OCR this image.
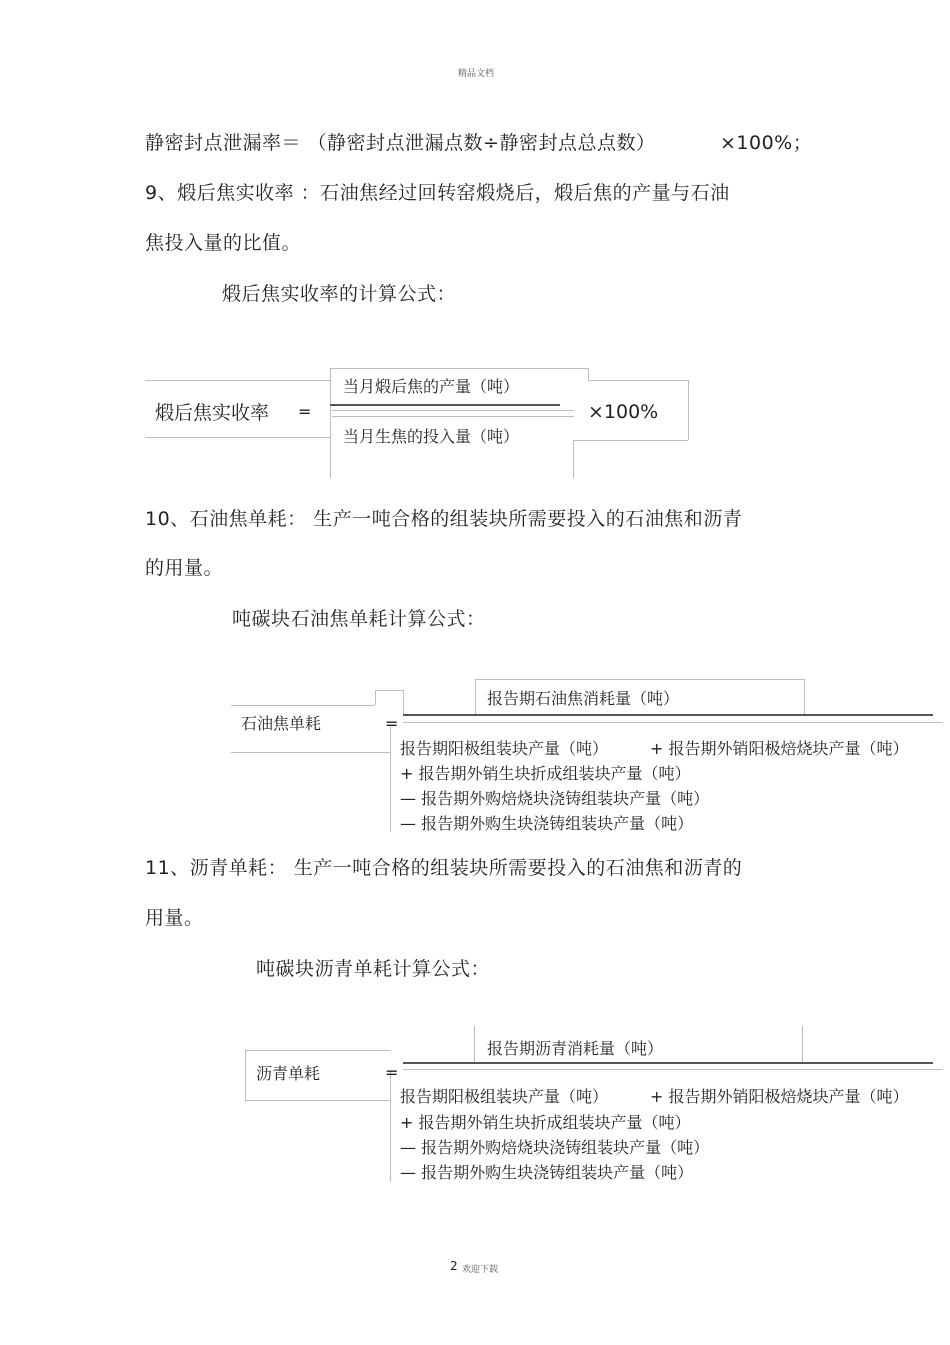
精品文档
静密封点泄漏率＝ （静密封点泄漏点数÷静密封点总点数）	×100%；
9、煅后焦实收率 ：石油焦经过回转窑煅烧后，煅后焦的产量与石油
焦投入量的比值。
煅后焦实收率的计算公式：
煅后焦实收率 =
当月煅后焦的产量（吨）
当月生焦的投入量（吨）
×100%
10、石油焦单耗： 生产一吨合格的组装块所需要投入的石油焦和沥青
的用量。
吨碳块石油焦单耗计算公式：
石油焦单耗	=
报告期石油焦消耗量（吨）
报告期阳极组装块产量（吨）	+ 报告期外销阳极焙烧块产量（吨）
+ 报告期外销生块折成组装块产量（吨）
— 报告期外购焙烧块浇铸组装块产量（吨）
— 报告期外购生块浇铸组装块产量（吨）
11、沥青单耗： 生产一吨合格的组装块所需要投入的石油焦和沥青的
用量。
吨碳块沥青单耗计算公式：
沥青单耗	=
报告期沥青消耗量（吨）
报告期阳极组装块产量（吨）	+ 报告期外销阳极焙烧块产量（吨）
+ 报告期外销生块折成组装块产量（吨）
— 报告期外购焙烧块浇铸组装块产量（吨）
— 报告期外购生块浇铸组装块产量（吨）
2 欢迎下载
